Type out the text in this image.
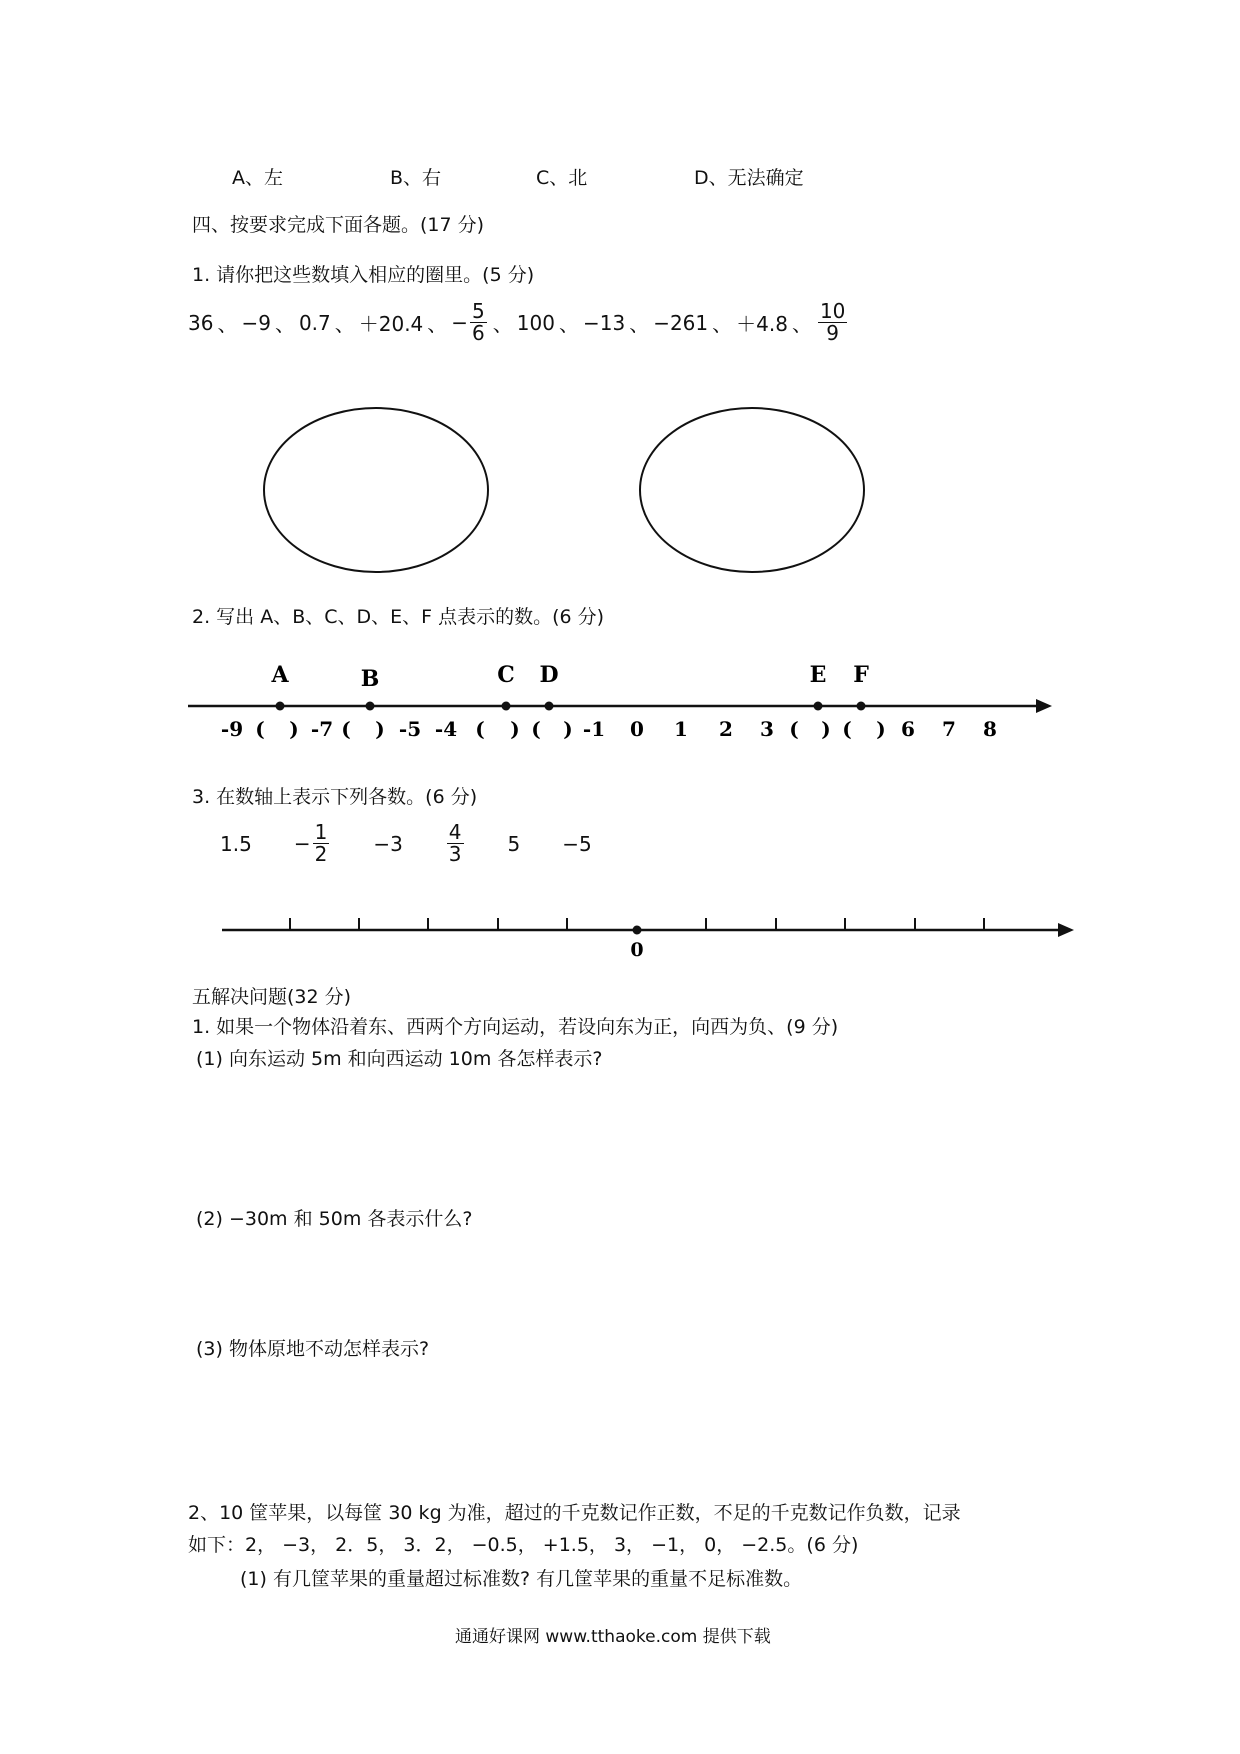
A、左	B、右	C、北	D、无法确定
四、按要求完成下面各题。(17 分)
1. 请你把这些数填入相应的圈里。(5 分)
36 、 −9 、 0.7 、 ＋20.4 、 − $\frac{5}{6}$ 、 100 、 −13 、 −261 、 ＋4.8 、 $\frac{10}{9}$
2. 写出 A、B、C、D、E、F 点表示的数。(6 分)
A	B	C D	E F
-9 ( ) -7 ( ) -5 -4 ( ) ( ) -1 0 1 2 3 ( ) ( ) 6 7 8
3. 在数轴上表示下列各数。(6 分)
$1.5 - \frac{1}{2} -3 \frac{4}{3} 5 -5$
0
五解决问题(32 分)
1. 如果一个物体沿着东、西两个方向运动，若设向东为正，向西为负、(9 分)
(1) 向东运动 5m 和向西运动 10m 各怎样表示?
(2) −30m 和 50m 各表示什么?
(3) 物体原地不动怎样表示?
2、10 筐苹果，以每筐 30 kg 为准，超过的千克数记作正数，不足的千克数记作负数，记录
如下：2， −3， 2．5， 3．2， −0.5， +1.5， 3， −1， 0， −2.5。(6 分)
(1) 有几筐苹果的重量超过标准数? 有几筐苹果的重量不足标准数。
通通好课网 www.tthaoke.com 提供下载
